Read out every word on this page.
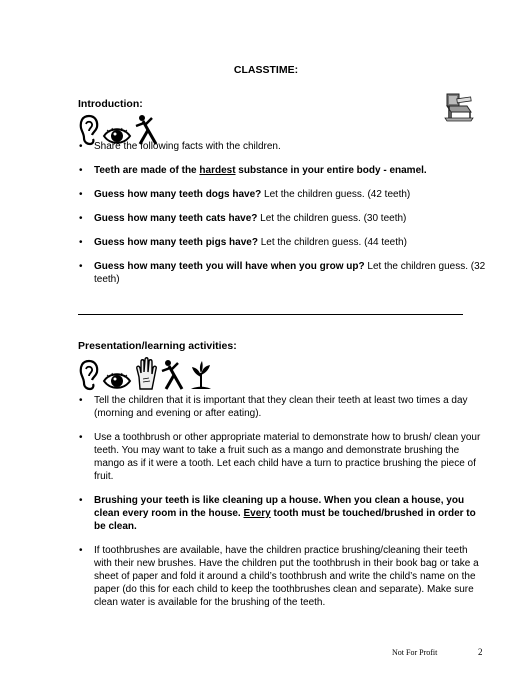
CLASSTIME:
Introduction:
• Share the following facts with the children.
• Teeth are made of the hardest substance in your entire body - enamel.
• Guess how many teeth dogs have? Let the children guess. (42 teeth)
• Guess how many teeth cats have? Let the children guess. (30 teeth)
• Guess how many teeth pigs have? Let the children guess. (44 teeth)
• Guess how many teeth you will have when you grow up? Let the children guess. (32 teeth)
Presentation/learning activities:
• Tell the children that it is important that they clean their teeth at least two times a day (morning and evening or after eating).
• Use a toothbrush or other appropriate material to demonstrate how to brush/ clean your teeth. You may want to take a fruit such as a mango and demonstrate brushing the mango as if it were a tooth. Let each child have a turn to practice brushing the piece of fruit.
• Brushing your teeth is like cleaning up a house. When you clean a house, you clean every room in the house. Every tooth must be touched/brushed in order to be clean.
• If toothbrushes are available, have the children practice brushing/cleaning their teeth with their new brushes. Have the children put the toothbrush in their book bag or take a sheet of paper and fold it around a child’s toothbrush and write the child’s name on the paper (do this for each child to keep the toothbrushes clean and separate). Make sure clean water is available for the brushing of the teeth.
Not For Profit	2
